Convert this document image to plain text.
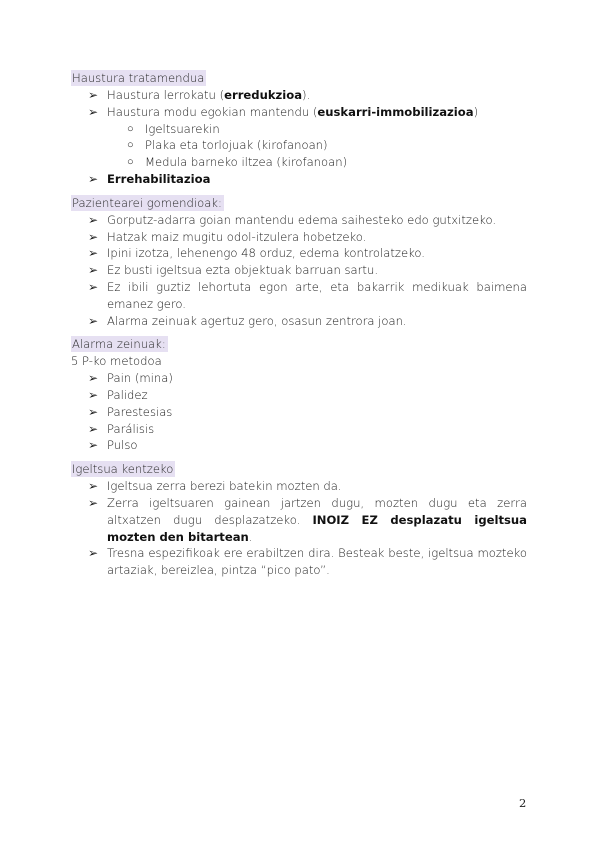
Haustura tratamendua
➢ Haustura lerrokatu (erredukzioa).
➢ Haustura modu egokian mantendu (euskarri-immobilizazioa)
○ Igeltsuarekin
○ Plaka eta torlojuak (kirofanoan)
○ Medula barneko iltzea (kirofanoan)
➢ Errehabilitazioa
Pazientearei gomendioak:
➢ Gorputz-adarra goian mantendu edema saihesteko edo gutxitzeko.
➢ Hatzak maiz mugitu odol-itzulera hobetzeko.
➢ Ipini izotza, lehenengo 48 orduz, edema kontrolatzeko.
➢ Ez busti igeltsua ezta objektuak barruan sartu.
➢ Ez ibili guztiz lehortuta egon arte, eta bakarrik medikuak baimena emanez gero.
➢ Alarma zeinuak agertuz gero, osasun zentrora joan.
Alarma zeinuak:
5 P-ko metodoa
➢ Pain (mina)
➢ Palidez
➢ Parestesias
➢ Parálisis
➢ Pulso
Igeltsua kentzeko
➢ Igeltsua zerra berezi batekin mozten da.
➢ Zerra igeltsuaren gainean jartzen dugu, mozten dugu eta zerra altxatzen dugu desplazatzeko. INOIZ EZ desplazatu igeltsua mozten den bitartean.
➢ Tresna espezifikoak ere erabiltzen dira. Besteak beste, igeltsua mozteko artaziak, bereizlea, pintza “pico pato”.
2
